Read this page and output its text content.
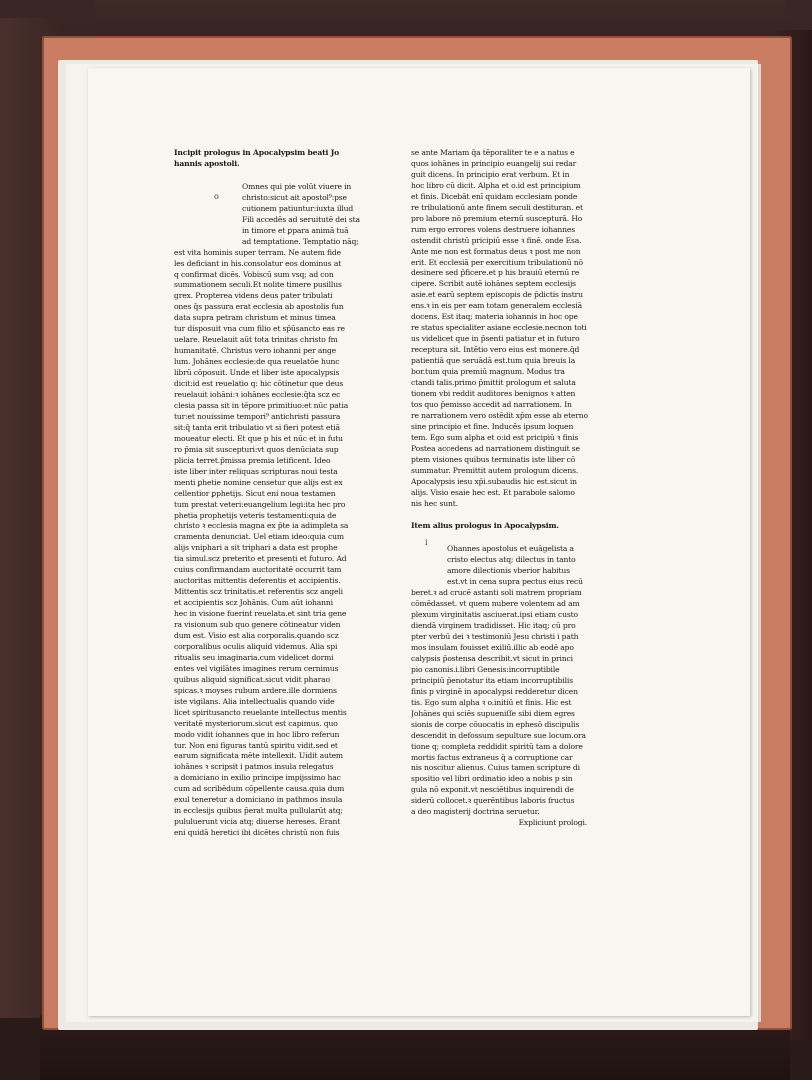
Incipit prologus in Apocalypsim beati Jo
hannis apostoli.
Omnes qui pie volūt viuere in
christo:sicut ait apostol⁹:pse
cutionem patiuntur:iuxta illud
Fili accedēs ad seruitutē dei sta
in timore et ꝑpara animā tuā
ad temptatione. Temptatio nāq;
est vita hominis super terram. Ne autem fide
les deficiant in his.consolatur eos dominus at
q confirmat dicēs. Vobiscū sum vsq; ad con
summationem seculi.Et nolite timere pusillus
grex. Propterea videns deus pater tribulati
ones q̄s passura erat ecclesia ab apostolis fun
data supra petram christum et minus timea
tur disposuit vna cum filio et sp̄ūsancto eas re
uelare. Reuelauit aūt tota trinitas christo fm
humanitatē. Christus vero iohanni per ange
lum. Johānes ecclesie:de qua reuelatōe hunc
librū cōposuit. Unde et liber iste apocalypsis
dicit:id est reuelatio q: hic cōtinetur que deus
reuelauit iohāni:ꝛ iohānes ecclesie:q̄ta scz ec
clesia passa sit in tēpore primitiuo:et nūc patia
tur:et nouissime tempori⁹ antichristi passura
sit:q̄ tanta erit tribulatio vt si fieri potest etiā
moueatur electi. Et que p his et nūc et in futu
ro p̄mia sit suscepturi:vt quos denūciata sup
plicia terret.p̄missa premia letificent. Ideo
iste liber inter reliquas scripturas noui testa
menti ꝑhetie nomine censetur que alijs est ex
cellentior ꝑphetijs. Sicut eni noua testamen
tum prestat veteri:euangelium legi:ita hec pro
phetia prophetijs veteris testamenti:quia de
christo ꝛ ecclesia magna ex p̄te ia adimpleta sa
cramenta denunciat. Uel etiam ideo:quia cum
alijs vniphari a sit triphari a data est prophe
tia simul.scz preterito et presenti et futuro. Ad
cuius confirmandam auctoritatē occurrit tam
auctoritas mittentis deferentis et accipientis.
Mittentis scz trinitatis.et referentis scz angeli
et accipientis scz Johānis. Cum aūt iohanni
hec in visione fuerint reuelata.et sint tria gene
ra visionum sub quo genere cōtineatur viden
dum est. Visio est alia corporalis.quando scz
corporalibus oculis aliquid videmus. Alia spi
ritualis seu imaginaria.cum videlicet dormi
entes vel vigilātes imagines rerum cernimus
quibus aliquid significat.sicut vidit pharao
spicas.ꝛ moyses rubum ardere.ille dormiens
iste vigilans. Alia intellectualis quando vide
licet spiritusancto reuelante intellectus mentis
veritatē mysteriorum.sicut est capimus. quo
modo vidit iohannes que in hoc libro referun
tur. Non eni figuras tantū spiritu vidit.sed et
earum significata mēte intellexit. Uidit autem
iohānes ꝛ scripsit i patmos insula relegatus
a domiciano in exilio principe impijssimo hac
cum ad scribēdum cōpellente causa.quia dum
exul teneretur a domiciano in pathmos insula
in ecclesijs quibus p̄erat multa pullularūt atq;
pululuerunt vicia atq; diuerse hereses. Erant
eni quidā heretici ibi dicētes christū non fuis
se ante Mariam q̄a tēporaliter te e a natus e
quos iohānes in principio euangelij sui redar
guit dicens. In principio erat verbum. Et in
hoc libro cū dicit. Alpha et o.id est principium
et finis. Dicebāt enī quidam ecclesiam ponde
re tribulationū ante finem seculi destituran. et
pro labore nō premium eternū suscepturā. Ho
rum ergo errores volens destruere iohannes
ostendit christū pricipiū esse ꝛ finē. onde Esa.
Ante me non est formatus deus ꝛ post me non
erit. Et ecclesiā per exercitium tribulationū nō
desinere sed p̄ficere.et p his brauiū eternū re
cipere. Scribit autē iohānes septem ecclesijs
asie.et earū septem episcopis de p̄dictis instru
ens.ꝛ in eis per eam totam generalem ecclesiā
docens. Est itaq; materia iohannis in hoc ope
re status specialiter asiane ecclesie.necnon toti
us videlicet que in p̄senti patiatur et in futuro
receptura sit. Intētio vero eius est monere.q̄d
patientiā que seruādā est.tum quia breuis la
bor.tum quia premiū magnum. Modus tra
ctandi talis.primo p̄mittit prologum et saluta
tionem vbi reddit auditores benignos ꝛ atten
tos quo p̄emisso accedit ad narrationem. In
re narrationem vero ostēdit xp̄m esse ab eterno
sine principio et fine. Inducēs ipsum loquen
tem. Ego sum alpha et o:id est pricipiū ꝛ finis
Postea accedens ad narrationem distinguit se
ptem visiones quibus terminatis iste liber cō
summatur. Premittit autem prologum dicens.
Apocalypsis iesu xp̄i.subaudis hic est.sicut in
alijs. Visio esaie hec est. Et parabole salomo
nis hec sunt.
Item alius prologus in Apocalypsim.
Ohannes apostolus et euāgelista a
cristo electus atq; dilectus in tanto
amore dilectionis vberior habitus
est.vt in cena supra pectus eius recū
beret.ꝛ ad crucē astanti soli matrem propriam
cōmēdasset. vt quem nubere volentem ad am
plexum virginitatis asciuerat.ipsi etiam custo
diendā virginem tradidisset. Hic itaq; cū pro
pter verbū dei ꝛ testimoniū Jesu christi i path
mos insulam fouisset exiliū.illic ab eodē apo
calypsis p̄ostensa describit.vt sicut in princi
pio canonis.i.libri Genesis:incorruptibile
principiū p̄enotatur ita etiam incorruptibilis
finis p virginē in apocalypsi redderetur dicen
tis. Ego sum alpha ꝛ o.initiū et finis. Hic est
Johānes qui sciēs supueniſſe sibi diem egres
sionis de corpe cōuocatis in ephesō discipulis
descendit in defossum sepulture sue locum.ora
tione q; completa reddidit spiritū tam a dolore
mortis factus extraneus q̄ a corruptione car
nis noscitur alienus. Cuius tamen scripture di
spositio vel libri ordinatio ideo a nobis p sin
gula nō exponit.vt nesciētibus inquirendi de
siderū collocet.ꝛ querēntibus laboris fructus
a deo magisterij doctrina seruetur.
Expliciunt prologi.
o
i
